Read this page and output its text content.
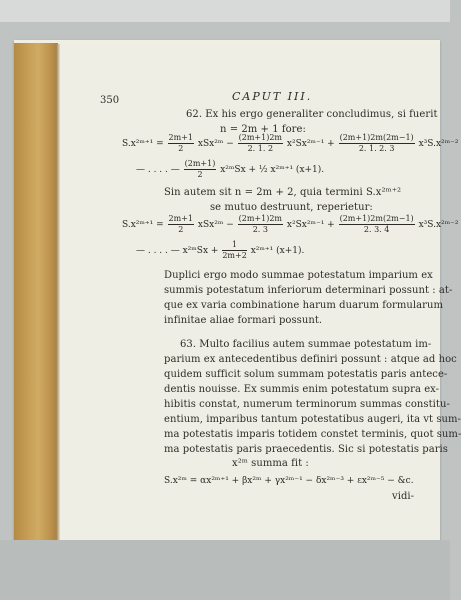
350	CAPUT III.
62. Ex his ergo generaliter concludimus, si fuerit
n = 2m + 1 fore:
S.x²ᵐ⁺¹ = $\frac{2m+1}{2}$ xSx²ᵐ − $\frac{(2m+1)2m}{2. 1. 2}$ x²Sx²ᵐ⁻¹ + $\frac{(2m+1)2m(2m-1)}{2. 1. 2. 3}$ x³S.x²ᵐ⁻²
— . . . . — $\frac{(2m+1)}{2}$ x²ᵐSx + ½ x²ᵐ⁺¹ (x+1).
Sin autem sit n = 2m + 2, quia termini S.x²ᵐ⁺²
se mutuo destruunt, reperietur:
S.x²ᵐ⁺¹ = $\frac{2m+1}{2}$ xSx²ᵐ − $\frac{(2m+1)2m}{2. 3}$ x²Sx²ᵐ⁻¹ + $\frac{(2m+1)2m(2m-1)}{2. 3. 4}$ x³S.x²ᵐ⁻²
— . . . . — x²ᵐSx + $\frac{1}{2m+2}$ x²ᵐ⁺¹ (x+1).
Duplici ergo modo summae potestatum imparium ex
summis potestatum inferiorum determinari possunt : at-
que ex varia combinatione harum duarum formularum
infinitae aliae formari possunt.
63. Multo facilius autem summae potestatum im-
parium ex antecedentibus definiri possunt : atque ad hoc
quidem sufficit solum summam potestatis paris antece-
dentis nouisse. Ex summis enim potestatum supra ex-
hibitis constat, numerum terminorum summas constitu-
entium, imparibus tantum potestatibus augeri, ita vt sum-
ma potestatis imparis totidem constet terminis, quot sum-
ma potestatis paris praecedentis. Sic si potestatis paris
x²ᵐ summa fit :
S.x²ᵐ = αx²ᵐ⁺¹ + βx²ᵐ + γx²ᵐ⁻¹ − δx²ᵐ⁻³ + εx²ᵐ⁻⁵ − &c.
vidi-
